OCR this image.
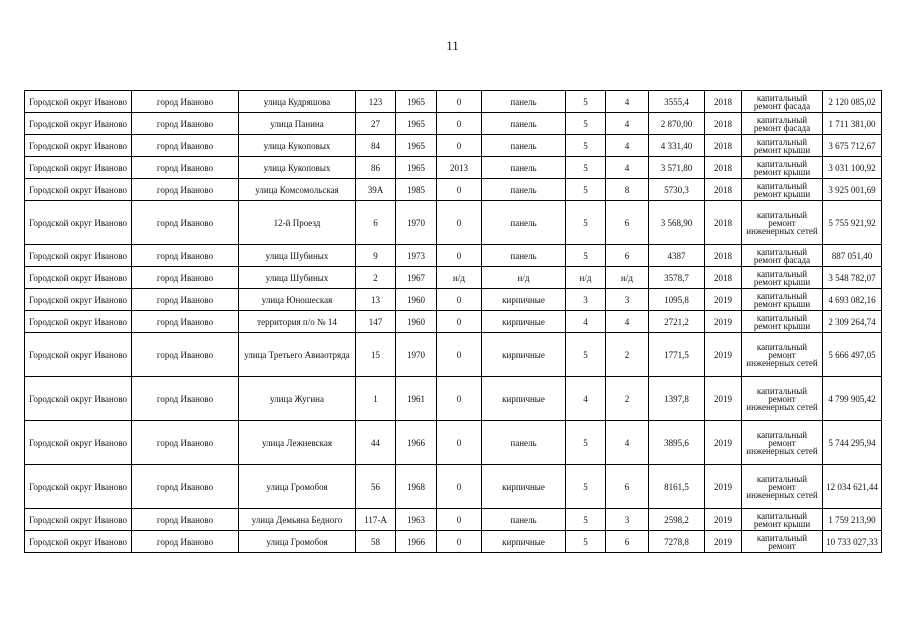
11
Городской округ Иваново	город Иваново	улица Кудряшова	123	1965	0	панель	5	4	3555,4	2018	капитальный ремонт фасада	2 120 085,02
Городской округ Иваново	город Иваново	улица Панина	27	1965	0	панель	5	4	2 870,00	2018	капитальный ремонт фасада	1 711 381,00
Городской округ Иваново	город Иваново	улица Кукоповых	84	1965	0	панель	5	4	4 331,40	2018	капитальный ремонт крыши	3 675 712,67
Городской округ Иваново	город Иваново	улица Кукоповых	86	1965	2013	панель	5	4	3 571,80	2018	капитальный ремонт крыши	3 031 100,92
Городской округ Иваново	город Иваново	улица Комсомольская	39А	1985	0	панель	5	8	5730,3	2018	капитальный ремонт крыши	3 925 001,69
Городской округ Иваново	город Иваново	12-й Проезд	6	1970	0	панель	5	6	3 568,90	2018	капитальный ремонт инженерных сетей	5 755 921,92
Городской округ Иваново	город Иваново	улица Шубиных	9	1973	0	панель	5	6	4387	2018	капитальный ремонт фасада	887 051,40
Городской округ Иваново	город Иваново	улица Шубиных	2	1967	н/д	н/д	н/д	н/д	3578,7	2018	капитальный ремонт крыши	3 548 782,07
Городской округ Иваново	город Иваново	улица Юношеская	13	1960	0	кирпичные	3	3	1095,8	2019	капитальный ремонт крыши	4 693 082,16
Городской округ Иваново	город Иваново	территория п/о № 14	147	1960	0	кирпичные	4	4	2721,2	2019	капитальный ремонт крыши	2 309 264,74
Городской округ Иваново	город Иваново	улица Третьего Авиаотряда	15	1970	0	кирпичные	5	2	1771,5	2019	капитальный ремонт инженерных сетей	5 666 497,05
Городской округ Иваново	город Иваново	улица Жугина	1	1961	0	кирпичные	4	2	1397,8	2019	капитальный ремонт инженерных сетей	4 799 905,42
Городской округ Иваново	город Иваново	улица Лежневская	44	1966	0	панель	5	4	3895,6	2019	капитальный ремонт инженерных сетей	5 744 295,94
Городской округ Иваново	город Иваново	улица Громобоя	56	1968	0	кирпичные	5	6	8161,5	2019	капитальный ремонт инженерных сетей	12 034 621,44
Городской округ Иваново	город Иваново	улица Демьяна Бедного	117-А	1963	0	панель	5	3	2598,2	2019	капитальный ремонт крыши	1 759 213,90
Городской округ Иваново	город Иваново	улица Громобоя	58	1966	0	кирпичные	5	6	7278,8	2019	капитальный ремонт	10 733 027,33
